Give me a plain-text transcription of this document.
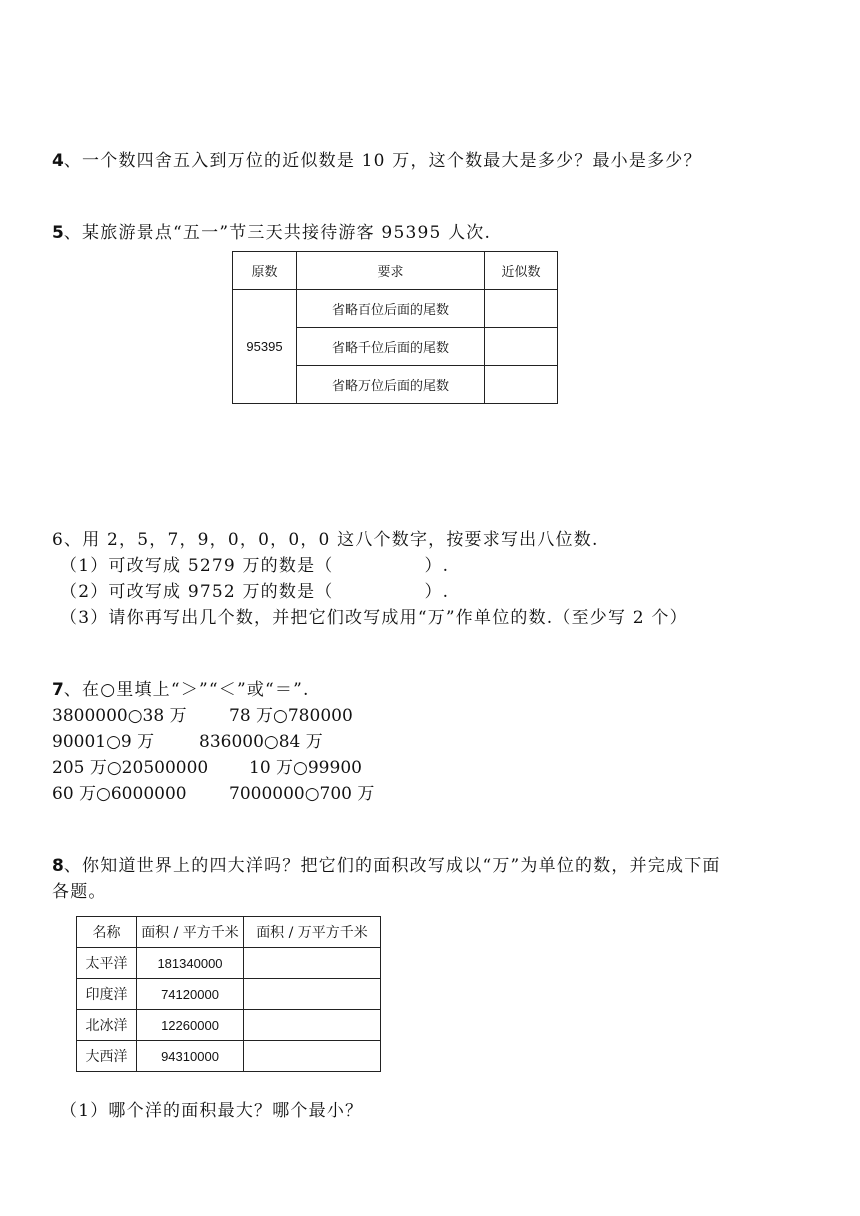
4、一个数四舍五入到万位的近似数是 10 万，这个数最大是多少？最小是多少？
5、某旅游景点“五一”节三天共接待游客 95395 人次.
原数	要求	近似数
95395	省略百位后面的尾数	
	省略千位后面的尾数	
	省略万位后面的尾数	
6、用 2，5，7，9，0，0，0，0 这八个数字，按要求写出八位数.
（1）可改写成 5279 万的数是（　　　　　）.
（2）可改写成 9752 万的数是（　　　　　）.
（3）请你再写出几个数，并把它们改写成用“万”作单位的数.（至少写 2 个）
7、在○里填上“＞”“＜”或“＝”.
3800000○38 万 78 万○780000
90001○9 万	836000○84 万
205 万○20500000 10 万○99900
60 万○6000000 7000000○700 万
8、你知道世界上的四大洋吗？把它们的面积改写成以“万”为单位的数，并完成下面
各题。
名称	面积 / 平方千米	面积 / 万平方千米
太平洋	181340000	
印度洋	74120000	
北冰洋	12260000	
大西洋	94310000	
（1）哪个洋的面积最大？哪个最小？
